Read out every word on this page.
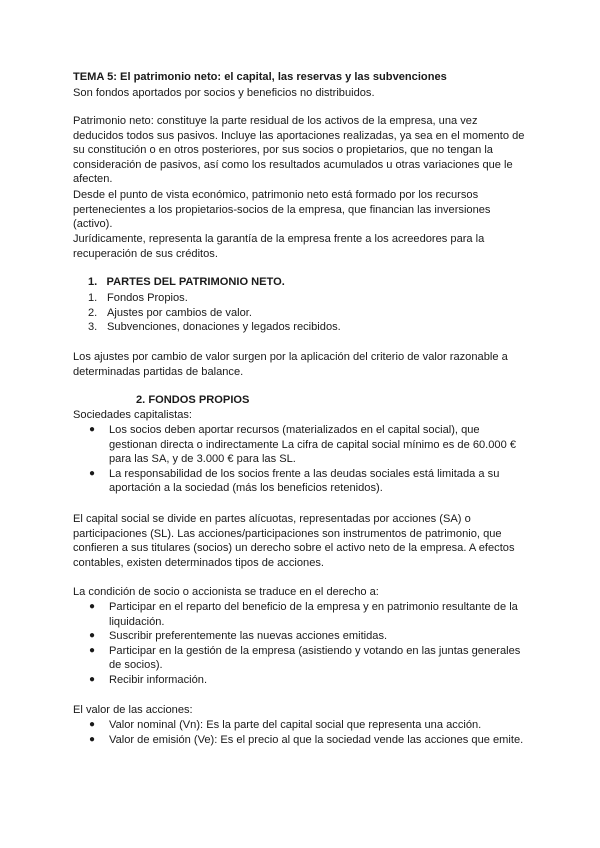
TEMA 5: El patrimonio neto: el capital, las reservas y las subvenciones

Son fondos aportados por socios y beneficios no distribuidos.

Patrimonio neto: constituye la parte residual de los activos de la empresa, una vez deducidos todos sus pasivos. Incluye las aportaciones realizadas, ya sea en el momento de su constitución o en otros posteriores, por sus socios o propietarios, que no tengan la consideración de pasivos, así como los resultados acumulados u otras variaciones que le afecten.

Desde el punto de vista económico, patrimonio neto está formado por los recursos pertenecientes a los propietarios-socios de la empresa, que financian las inversiones (activo).

Jurídicamente, representa la garantía de la empresa frente a los acreedores para la recuperación de sus créditos.

1. PARTES DEL PATRIMONIO NETO.
1. Fondos Propios.
2. Ajustes por cambios de valor.
3. Subvenciones, donaciones y legados recibidos.

Los ajustes por cambio de valor surgen por la aplicación del criterio de valor razonable a determinadas partidas de balance.

2. FONDOS PROPIOS

Sociedades capitalistas:

● Los socios deben aportar recursos (materializados en el capital social), que gestionan directa o indirectamente La cifra de capital social mínimo es de 60.000 € para las SA, y de 3.000 € para las SL.
● La responsabilidad de los socios frente a las deudas sociales está limitada a su aportación a la sociedad (más los beneficios retenidos).

El capital social se divide en partes alícuotas, representadas por acciones (SA) o participaciones (SL). Las acciones/participaciones son instrumentos de patrimonio, que confieren a sus titulares (socios) un derecho sobre el activo neto de la empresa. A efectos contables, existen determinados tipos de acciones.

La condición de socio o accionista se traduce en el derecho a:

● Participar en el reparto del beneficio de la empresa y en patrimonio resultante de la liquidación.
● Suscribir preferentemente las nuevas acciones emitidas.
● Participar en la gestión de la empresa (asistiendo y votando en las juntas generales de socios).
● Recibir información.

El valor de las acciones:

● Valor nominal (Vn): Es la parte del capital social que representa una acción.
● Valor de emisión (Ve): Es el precio al que la sociedad vende las acciones que emite.
